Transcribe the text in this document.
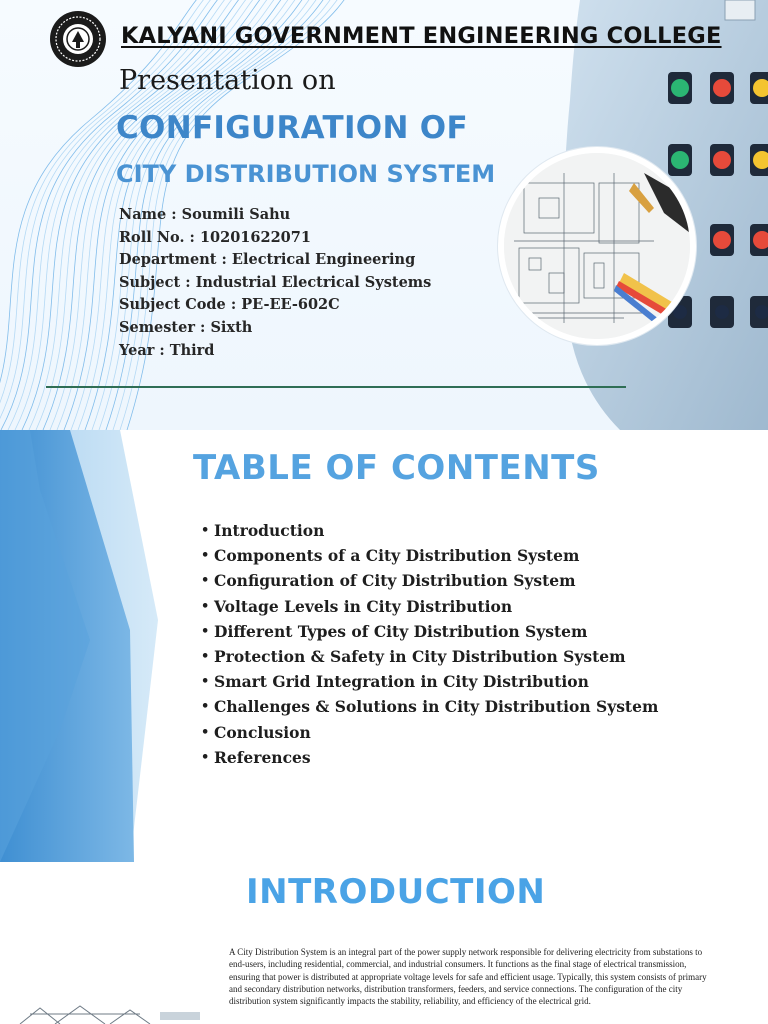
KALYANI GOVERNMENT ENGINEERING COLLEGE
Presentation on
CONFIGURATION OF
CITY DISTRIBUTION SYSTEM
Name : Soumili Sahu
Roll No. : 10201622071
Department : Electrical Engineering
Subject : Industrial Electrical Systems
Subject Code : PE-EE-602C
Semester : Sixth
Year : Third
TABLE OF CONTENTS
• Introduction
• Components of a City Distribution System
• Configuration of City Distribution System
• Voltage Levels in City Distribution
• Different Types of City Distribution System
• Protection & Safety in City Distribution System
• Smart Grid Integration in City Distribution
• Challenges & Solutions in City Distribution System
• Conclusion
• References
INTRODUCTION

A City Distribution System is an integral part of the power supply network responsible for delivering electricity from substations to end-users, including residential, commercial, and industrial consumers. It functions as the final stage of electrical transmission, ensuring that power is distributed at appropriate voltage levels for safe and efficient usage. Typically, this system consists of primary and secondary distribution networks, distribution transformers, feeders, and service connections. The configuration of the city distribution system significantly impacts the stability, reliability, and efficiency of the electrical grid.
